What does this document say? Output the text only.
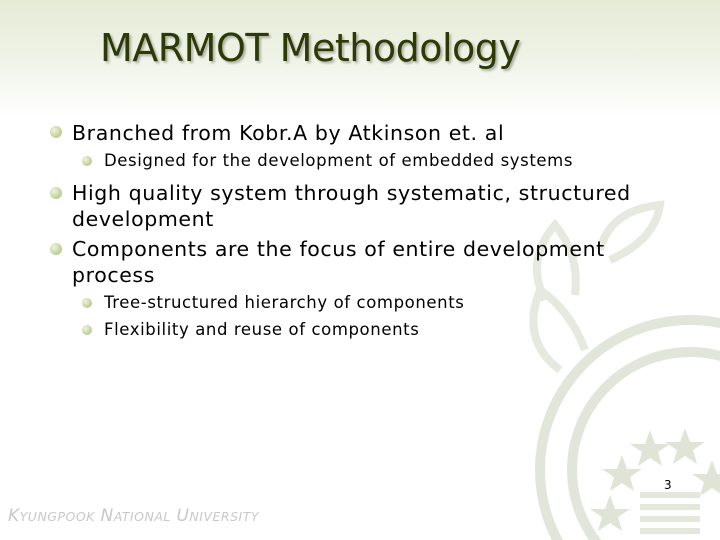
MARMOT Methodology
Branched from Kobr.A by Atkinson et. al
Designed for the development of embedded systems
High quality system through systematic, structured
development
Components are the focus of entire development
process
Tree-structured hierarchy of components
Flexibility and reuse of components
3
KYUNGPOOK NATIONAL UNIVERSITY
